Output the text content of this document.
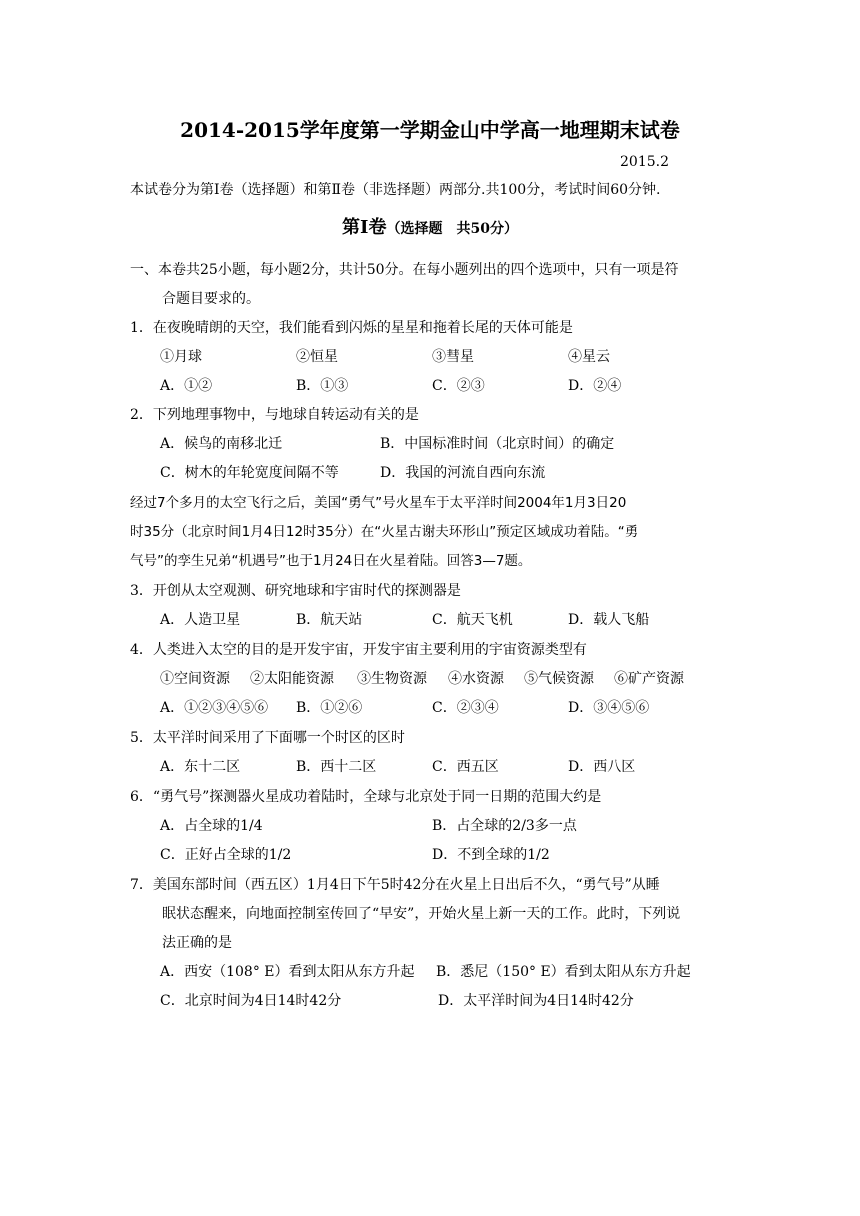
2014-2015学年度第一学期金山中学高一地理期末试卷
2015.2
本试卷分为第Ⅰ卷（选择题）和第Ⅱ卷（非选择题）两部分.共100分，考试时间60分钟.
第Ⅰ卷（选择题　共50分）
一、本卷共25小题，每小题2分，共计50分。在每小题列出的四个选项中，只有一项是符
合题目要求的。
1．在夜晚晴朗的天空，我们能看到闪烁的星星和拖着长尾的天体可能是
①月球	②恒星	③彗星	④星云
A．①②	B．①③	C．②③	D．②④
2．下列地理事物中，与地球自转运动有关的是
A．候鸟的南移北迁	B．中国标准时间（北京时间）的确定
C．树木的年轮宽度间隔不等	D．我国的河流自西向东流
经过7个多月的太空飞行之后，美国“勇气”号火星车于太平洋时间2004年1月3日20
时35分（北京时间1月4日12时35分）在“火星古谢夫环形山”预定区域成功着陆。“勇
气号”的孪生兄弟“机遇号”也于1月24日在火星着陆。回答3—7题。
3．开创从太空观测、研究地球和宇宙时代的探测器是
A．人造卫星	B．航天站	C．航天飞机	D．载人飞船
4．人类进入太空的目的是开发宇宙，开发宇宙主要利用的宇宙资源类型有
①空间资源 ②太阳能资源 ③生物资源 ④水资源 ⑤气候资源 ⑥矿产资源
A．①②③④⑤⑥ B．①②⑥	C．②③④	D．③④⑤⑥
5．太平洋时间采用了下面哪一个时区的区时
A．东十二区	B．西十二区	C．西五区	D．西八区
6．“勇气号”探测器火星成功着陆时，全球与北京处于同一日期的范围大约是
A．占全球的1/4	B．占全球的2/3多一点
C．正好占全球的1/2	D．不到全球的1/2
7．美国东部时间（西五区）1月4日下午5时42分在火星上日出后不久，“勇气号”从睡
眠状态醒来，向地面控制室传回了“早安”，开始火星上新一天的工作。此时，下列说
法正确的是
A．西安（108° E）看到太阳从东方升起 B．悉尼（150° E）看到太阳从东方升起
C．北京时间为4日14时42分	D．太平洋时间为4日14时42分
